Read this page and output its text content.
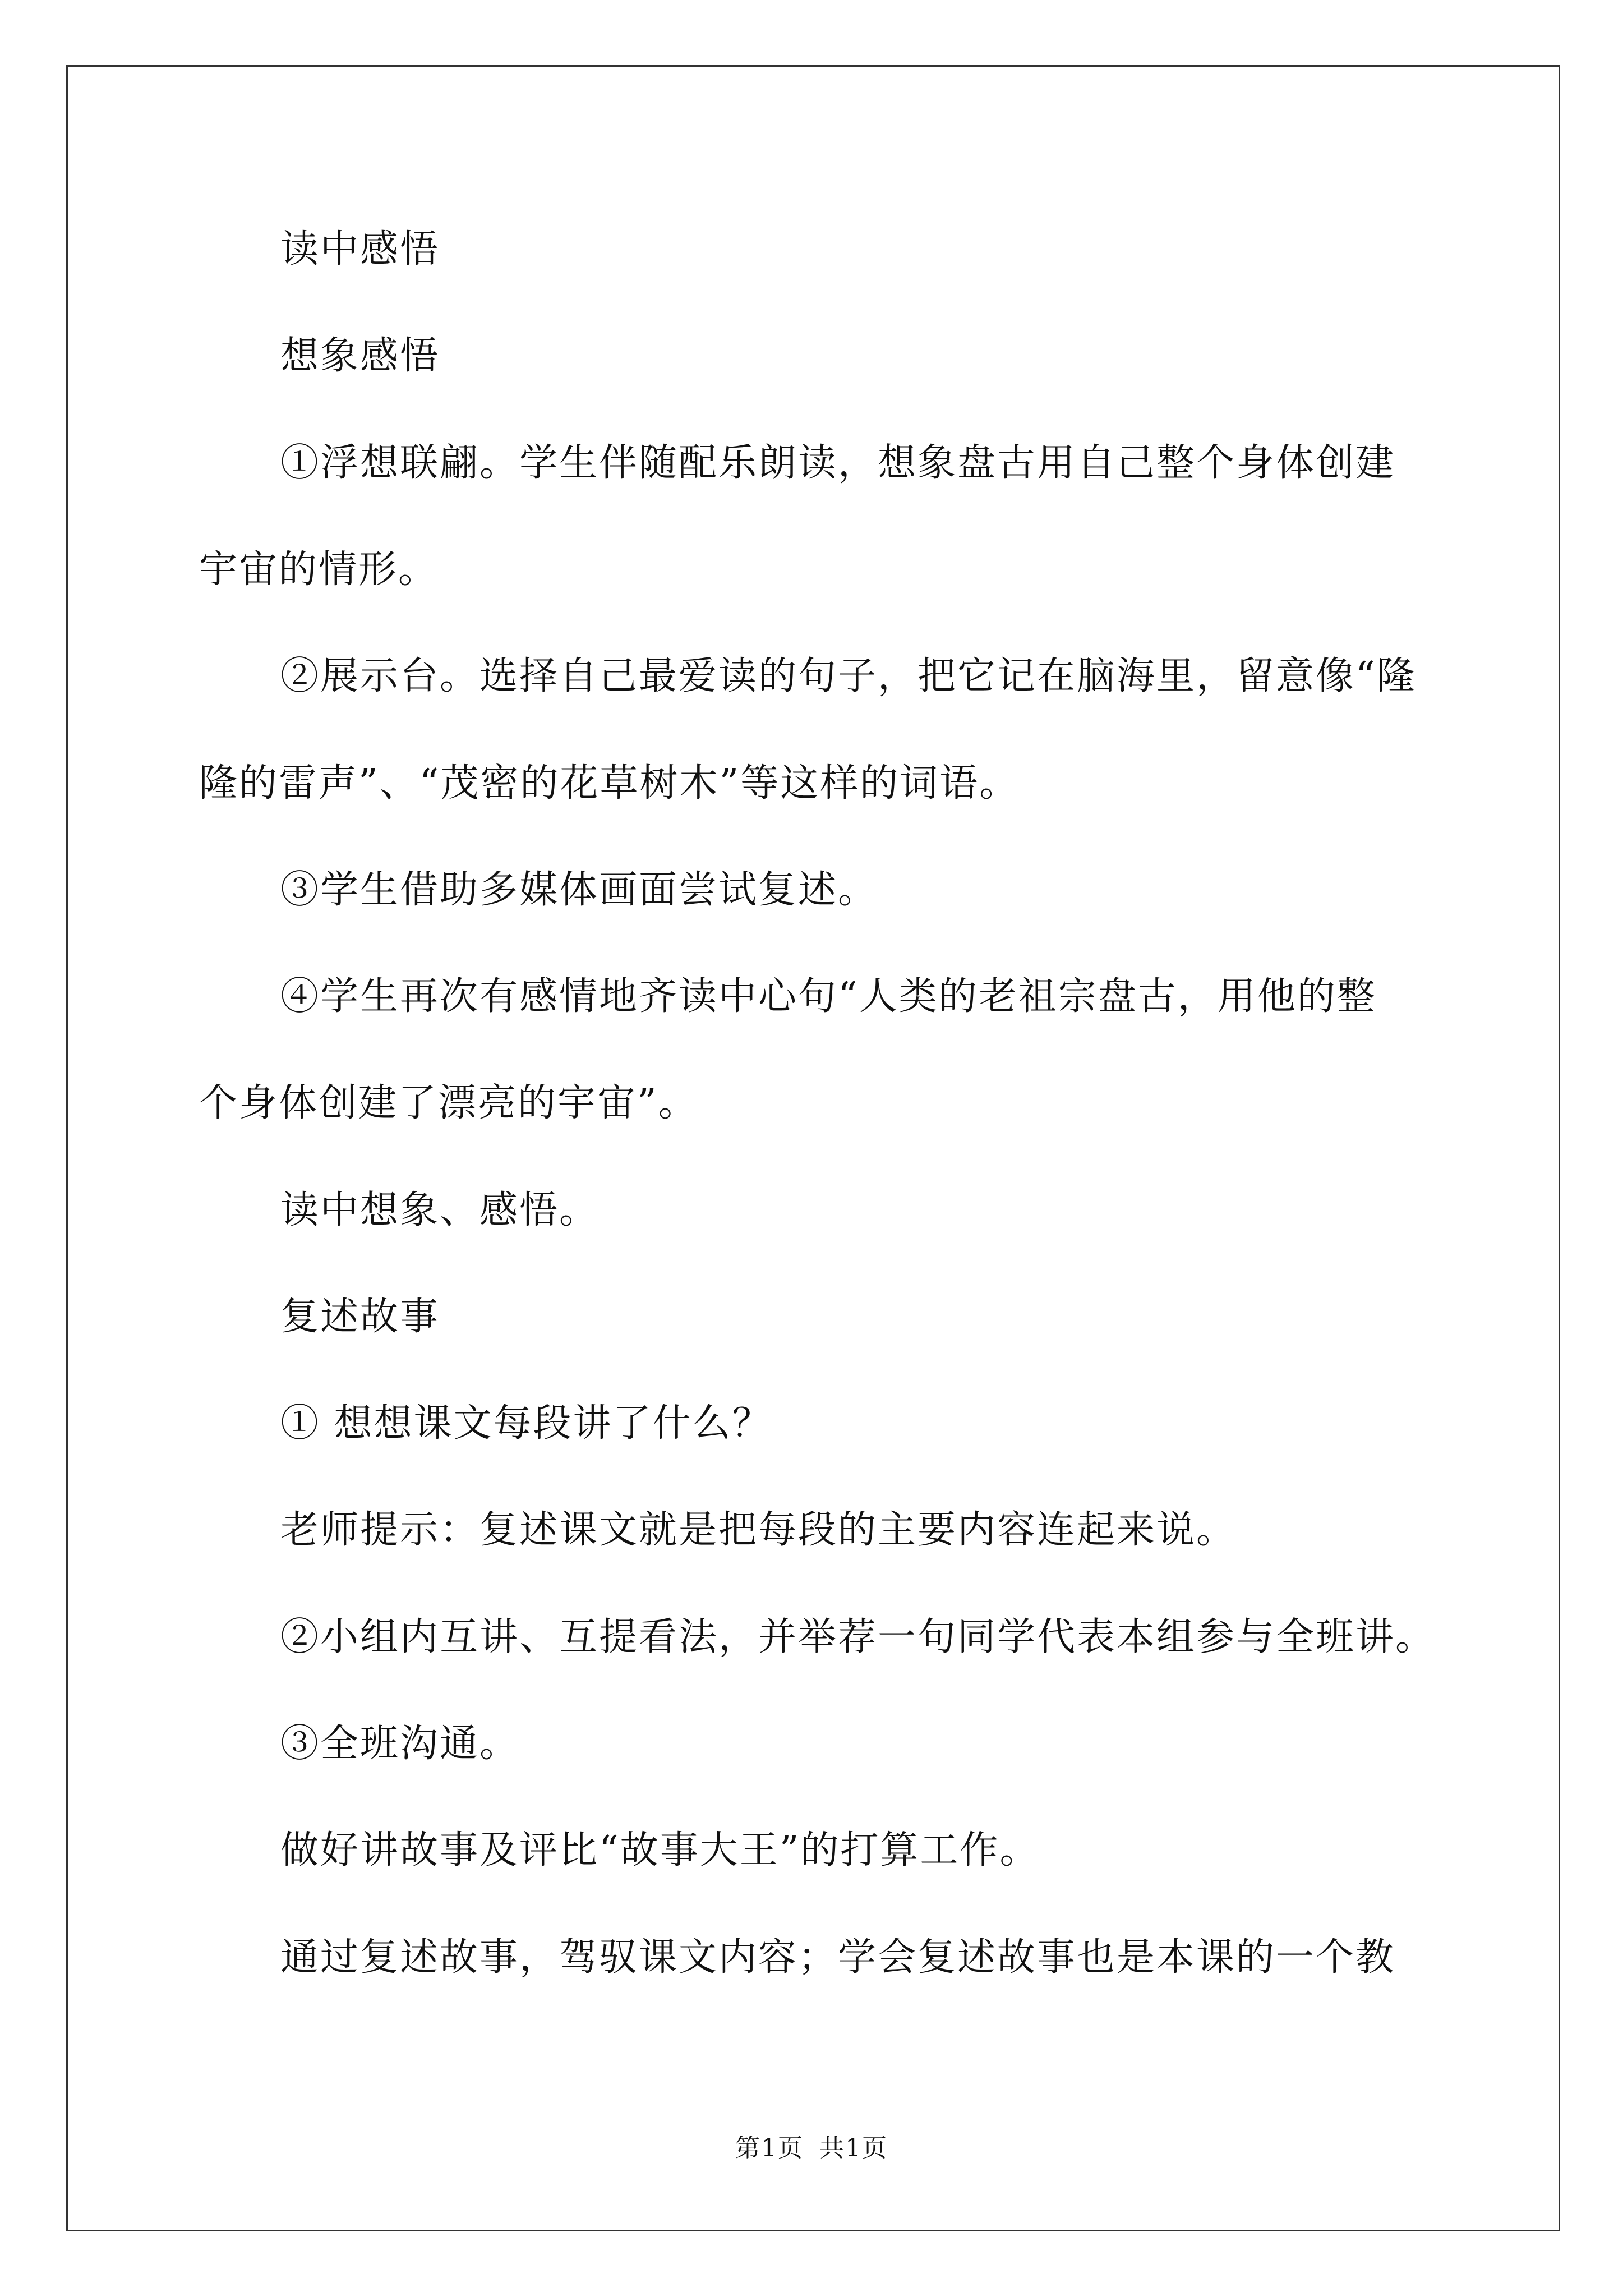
读中感悟
想象感悟
①浮想联翩。学生伴随配乐朗读，想象盘古用自己整个身体创建
宇宙的情形。
②展示台。选择自己最爱读的句子，把它记在脑海里，留意像“隆
隆的雷声”、“茂密的花草树木”等这样的词语。
③学生借助多媒体画面尝试复述。
④学生再次有感情地齐读中心句“人类的老祖宗盘古，用他的整
个身体创建了漂亮的宇宙”。
读中想象、感悟。
复述故事
① 想想课文每段讲了什么？
老师提示：复述课文就是把每段的主要内容连起来说。
②小组内互讲、互提看法，并举荐一句同学代表本组参与全班讲。
③全班沟通。
做好讲故事及评比“故事大王”的打算工作。
通过复述故事，驾驭课文内容；学会复述故事也是本课的一个教
第1页 共1页
